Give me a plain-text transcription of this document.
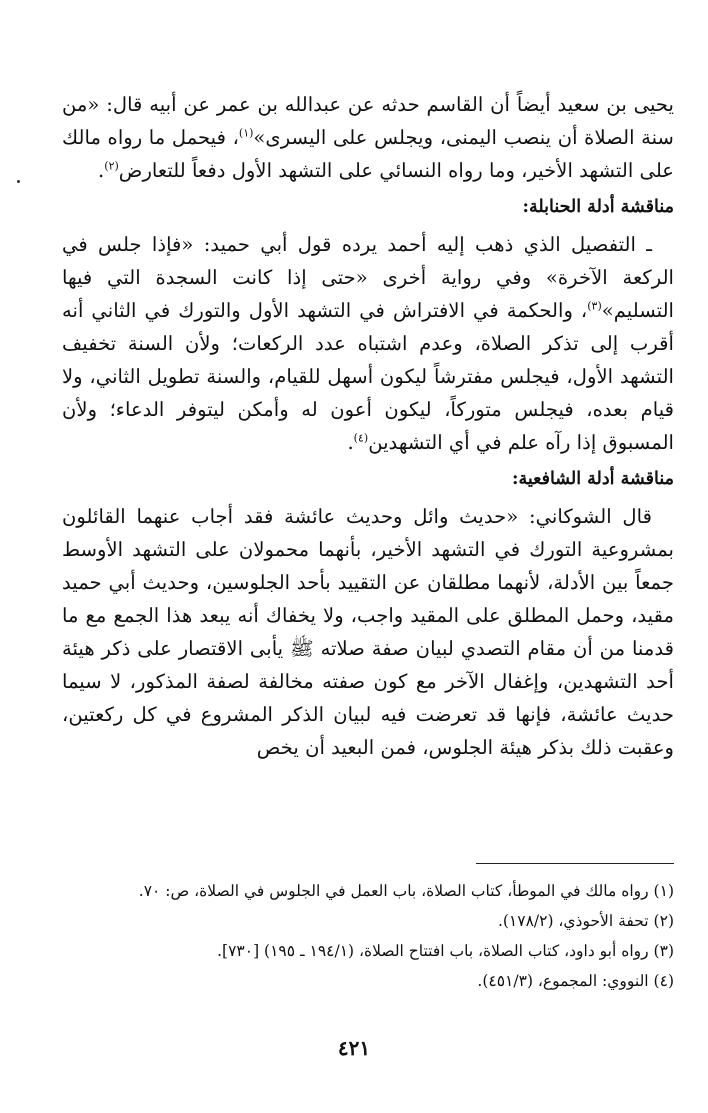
يحيى بن سعيد أيضاً أن القاسم حدثه عن عبدالله بن عمر عن أبيه قال: «من سنة الصلاة أن ينصب اليمنى، ويجلس على اليسرى»$^{(١)}$، فيحمل ما رواه مالك على التشهد الأخير، وما رواه النسائي على التشهد الأول دفعاً للتعارض$^{(٢)}$.

مناقشة أدلة الحنابلة:

ـ التفصيل الذي ذهب إليه أحمد يرده قول أبي حميد: «فإذا جلس في الركعة الآخرة» وفي رواية أخرى «حتى إذا كانت السجدة التي فيها التسليم»$^{(٣)}$، والحكمة في الافتراش في التشهد الأول والتورك في الثاني أنه أقرب إلى تذكر الصلاة، وعدم اشتباه عدد الركعات؛ ولأن السنة تخفيف التشهد الأول، فيجلس مفترشاً ليكون أسهل للقيام، والسنة تطويل الثاني، ولا قيام بعده، فيجلس متوركاً، ليكون أعون له وأمكن ليتوفر الدعاء؛ ولأن المسبوق إذا رآه علم في أي التشهدين$^{(٤)}$.

مناقشة أدلة الشافعية:

قال الشوكاني: «حديث وائل وحديث عائشة فقد أجاب عنهما القائلون بمشروعية التورك في التشهد الأخير، بأنهما محمولان على التشهد الأوسط جمعاً بين الأدلة، لأنهما مطلقان عن التقييد بأحد الجلوسين، وحديث أبي حميد مقيد، وحمل المطلق على المقيد واجب، ولا يخفاك أنه يبعد هذا الجمع مع ما قدمنا من أن مقام التصدي لبيان صفة صلاته ﷺ يأبى الاقتصار على ذكر هيئة أحد التشهدين، وإغفال الآخر مع كون صفته مخالفة لصفة المذكور، لا سيما حديث عائشة، فإنها قد تعرضت فيه لبيان الذكر المشروع في كل ركعتين، وعقبت ذلك بذكر هيئة الجلوس، فمن البعيد أن يخص

(١) رواه مالك في الموطأ، كتاب الصلاة، باب العمل في الجلوس في الصلاة، ص: ٧٠.

(٢) تحفة الأحوذي، (١٧٨/٢).

(٣) رواه أبو داود، كتاب الصلاة، باب افتتاح الصلاة، (١٩٤/١ ـ ١٩٥) [٧٣٠].

(٤) النووي: المجموع، (٤٥١/٣).

٤٢١
